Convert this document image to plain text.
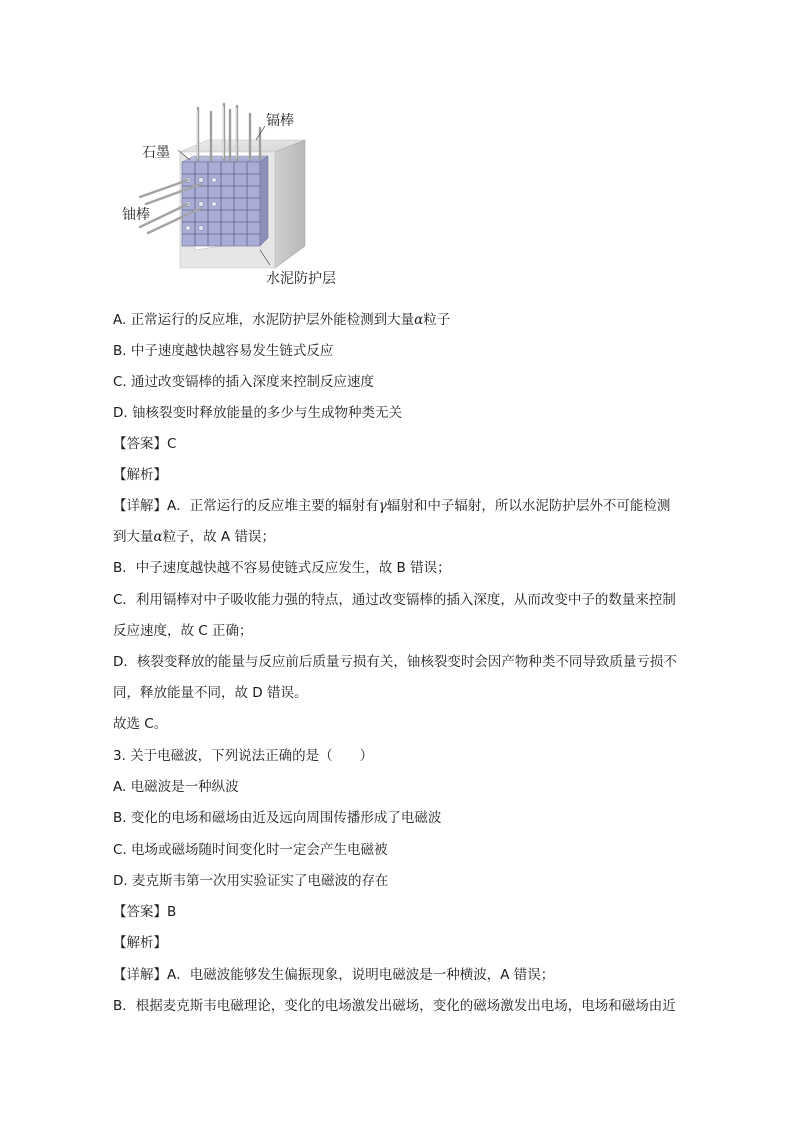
镉棒
石墨
铀棒
水泥防护层
A. 正常运行的反应堆，水泥防护层外能检测到大量α粒子
B. 中子速度越快越容易发生链式反应
C. 通过改变镉棒的插入深度来控制反应速度
D. 铀核裂变时释放能量的多少与生成物种类无关
【答案】C
【解析】
【详解】A．正常运行的反应堆主要的辐射有γ辐射和中子辐射，所以水泥防护层外不可能检测
到大量α粒子，故 A 错误；
B．中子速度越快越不容易使链式反应发生，故 B 错误；
C．利用镉棒对中子吸收能力强的特点，通过改变镉棒的插入深度，从而改变中子的数量来控制
反应速度，故 C 正确；
D．核裂变释放的能量与反应前后质量亏损有关，铀核裂变时会因产物种类不同导致质量亏损不
同，释放能量不同，故 D 错误。
故选 C。
3. 关于电磁波，下列说法正确的是（　　）
A. 电磁波是一种纵波
B. 变化的电场和磁场由近及远向周围传播形成了电磁波
C. 电场或磁场随时间变化时一定会产生电磁被
D. 麦克斯韦第一次用实验证实了电磁波的存在
【答案】B
【解析】
【详解】A．电磁波能够发生偏振现象，说明电磁波是一种横波，A 错误；
B．根据麦克斯韦电磁理论，变化的电场激发出磁场，变化的磁场激发出电场，电场和磁场由近
